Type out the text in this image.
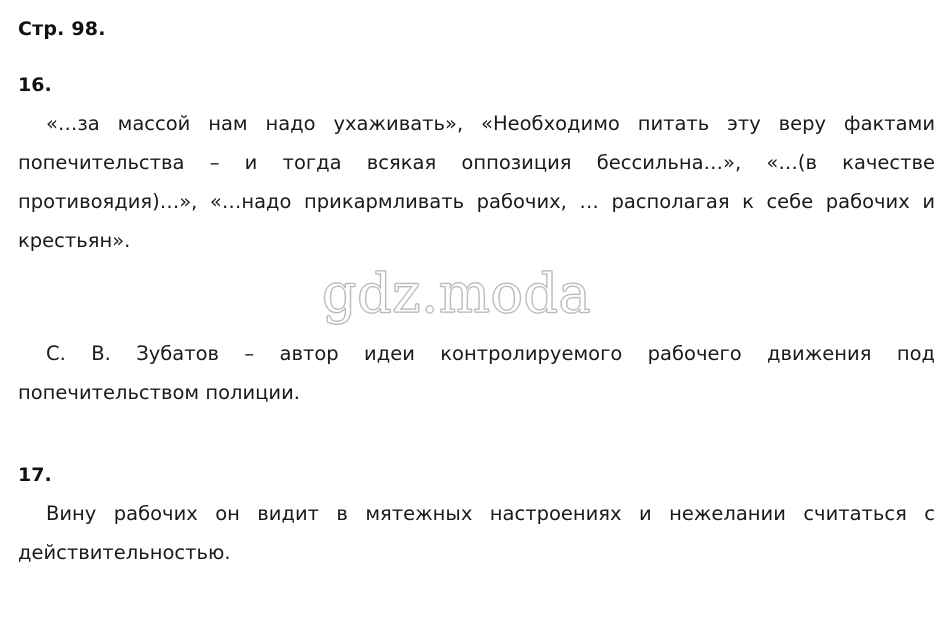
Стр. 98.
16.

«…за массой нам надо ухаживать», «Необходимо питать эту веру фактами попечительства – и тогда всякая оппозиция бессильна…», «…(в качестве противоядия)…», «…надо прикармливать рабочих, … располагая к себе рабочих и крестьян».

С. В. Зубатов – автор идеи контролируемого рабочего движения под попечительством полиции.

17.

Вину рабочих он видит в мятежных настроениях и нежелании считаться с действительностью.

gdz.moda
